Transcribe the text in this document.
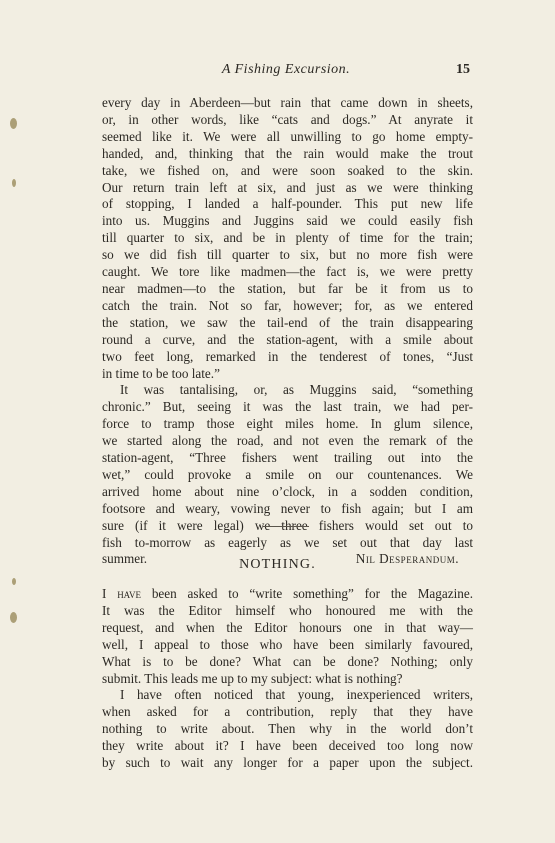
A Fishing Excursion.	15
every day in Aberdeen—but rain that came down in sheets,
or, in other words, like “cats and dogs.” At anyrate it
seemed like it. We were all unwilling to go home empty-
handed, and, thinking that the rain would make the trout
take, we fished on, and were soon soaked to the skin.
Our return train left at six, and just as we were thinking
of stopping, I landed a half-pounder. This put new life
into us. Muggins and Juggins said we could easily fish
till quarter to six, and be in plenty of time for the train;
so we did fish till quarter to six, but no more fish were
caught. We tore like madmen—the fact is, we were pretty
near madmen—to the station, but far be it from us to
catch the train. Not so far, however; for, as we entered
the station, we saw the tail-end of the train disappearing
round a curve, and the station-agent, with a smile about
two feet long, remarked in the tenderest of tones, “Just
in time to be too late.”
It was tantalising, or, as Muggins said, “something
chronic.” But, seeing it was the last train, we had per-
force to tramp those eight miles home. In glum silence,
we started along the road, and not even the remark of the
station-agent, “Three fishers went trailing out into the
wet,” could provoke a smile on our countenances. We
arrived home about nine o’clock, in a sodden condition,
footsore and weary, vowing never to fish again; but I am
sure (if it were legal) we three fishers would set out to
fish to-morrow as eagerly as we set out that day last
summer.	Nil Desperandum.
NOTHING.
I have been asked to “write something” for the Magazine.
It was the Editor himself who honoured me with the
request, and when the Editor honours one in that way—
well, I appeal to those who have been similarly favoured,
What is to be done? What can be done? Nothing; only
submit. This leads me up to my subject: what is nothing?
I have often noticed that young, inexperienced writers,
when asked for a contribution, reply that they have
nothing to write about. Then why in the world don’t
they write about it? I have been deceived too long now
by such to wait any longer for a paper upon the subject.
